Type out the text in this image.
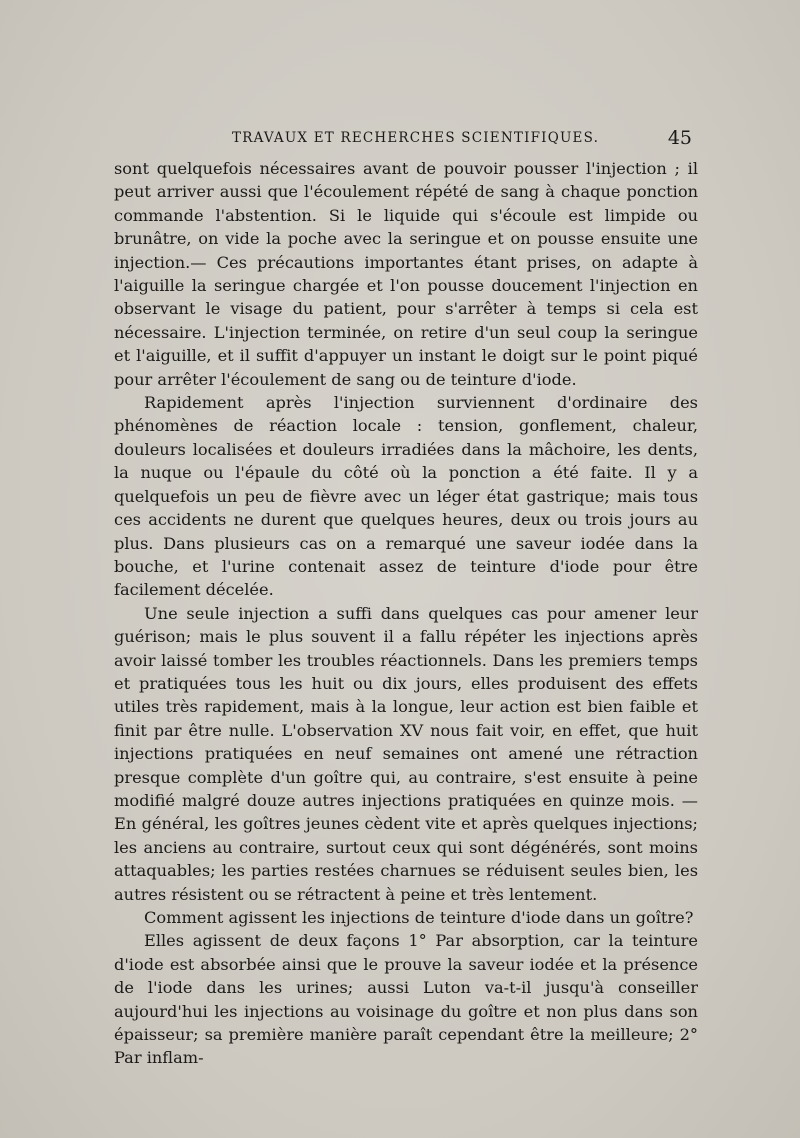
TRAVAUX ET RECHERCHES SCIENTIFIQUES.	45

sont quelquefois nécessaires avant de pouvoir pousser l'injection ; il peut arriver aussi que l'écoulement répété de sang à chaque ponction commande l'abstention. Si le liquide qui s'écoule est limpide ou brunâtre, on vide la poche avec la seringue et on pousse ensuite une injection.— Ces précautions importantes étant prises, on adapte à l'aiguille la seringue chargée et l'on pousse doucement l'injection en observant le visage du patient, pour s'arrêter à temps si cela est nécessaire. L'injection terminée, on retire d'un seul coup la seringue et l'aiguille, et il suffit d'appuyer un instant le doigt sur le point piqué pour arrêter l'écoulement de sang ou de teinture d'iode.

Rapidement après l'injection surviennent d'ordinaire des phénomènes de réaction locale : tension, gonflement, chaleur, douleurs localisées et douleurs irradiées dans la mâchoire, les dents, la nuque ou l'épaule du côté où la ponction a été faite. Il y a quelquefois un peu de fièvre avec un léger état gastrique; mais tous ces accidents ne durent que quelques heures, deux ou trois jours au plus. Dans plusieurs cas on a remarqué une saveur iodée dans la bouche, et l'urine contenait assez de teinture d'iode pour être facilement décelée.

Une seule injection a suffi dans quelques cas pour amener leur guérison; mais le plus souvent il a fallu répéter les injections après avoir laissé tomber les troubles réactionnels. Dans les premiers temps et pratiquées tous les huit ou dix jours, elles produisent des effets utiles très rapidement, mais à la longue, leur action est bien faible et finit par être nulle. L'observation XV nous fait voir, en effet, que huit injections pratiquées en neuf semaines ont amené une rétraction presque complète d'un goître qui, au contraire, s'est ensuite à peine modifié malgré douze autres injections pratiquées en quinze mois. — En général, les goîtres jeunes cèdent vite et après quelques injections; les anciens au contraire, surtout ceux qui sont dégénérés, sont moins attaquables; les parties restées charnues se réduisent seules bien, les autres résistent ou se rétractent à peine et très lentement.

Comment agissent les injections de teinture d'iode dans un goître?

Elles agissent de deux façons 1° Par absorption, car la teinture d'iode est absorbée ainsi que le prouve la saveur iodée et la présence de l'iode dans les urines; aussi Luton va-t-il jusqu'à conseiller aujourd'hui les injections au voisinage du goître et non plus dans son épaisseur; sa première manière paraît cependant être la meilleure; 2° Par inflam-
